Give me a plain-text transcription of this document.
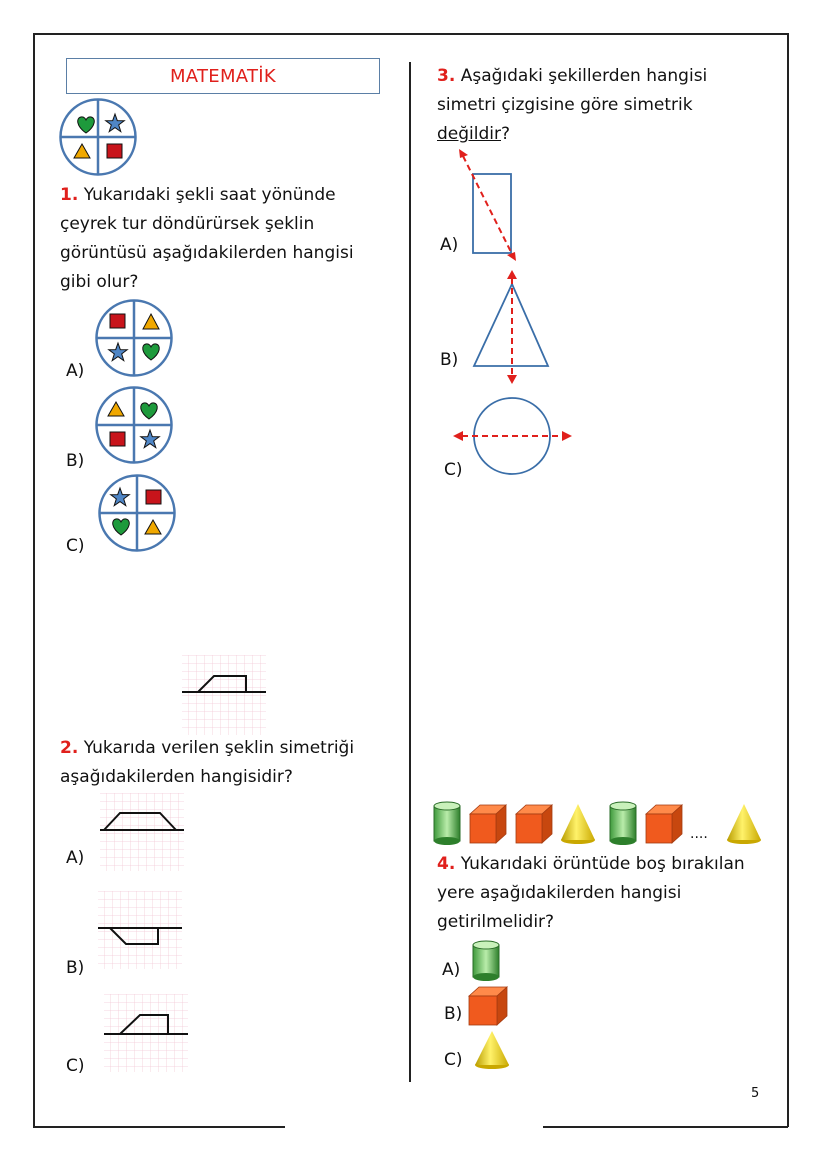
MATEMATİK
1. Yukarıdaki şekli saat yönünde
çeyrek tur döndürürsek şeklin
görüntüsü aşağıdakilerden hangisi
gibi olur?
A)
B)
C)
2. Yukarıda verilen şeklin simetriği
aşağıdakilerden hangisidir?
A)
B)
C)
3. Aşağıdaki şekillerden hangisi
simetri çizgisine göre simetrik
değildir?
A)
B)
C)
....
4. Yukarıdaki örüntüde boş bırakılan
yere aşağıdakilerden hangisi
getirilmelidir?
A)
B)
C)
5
